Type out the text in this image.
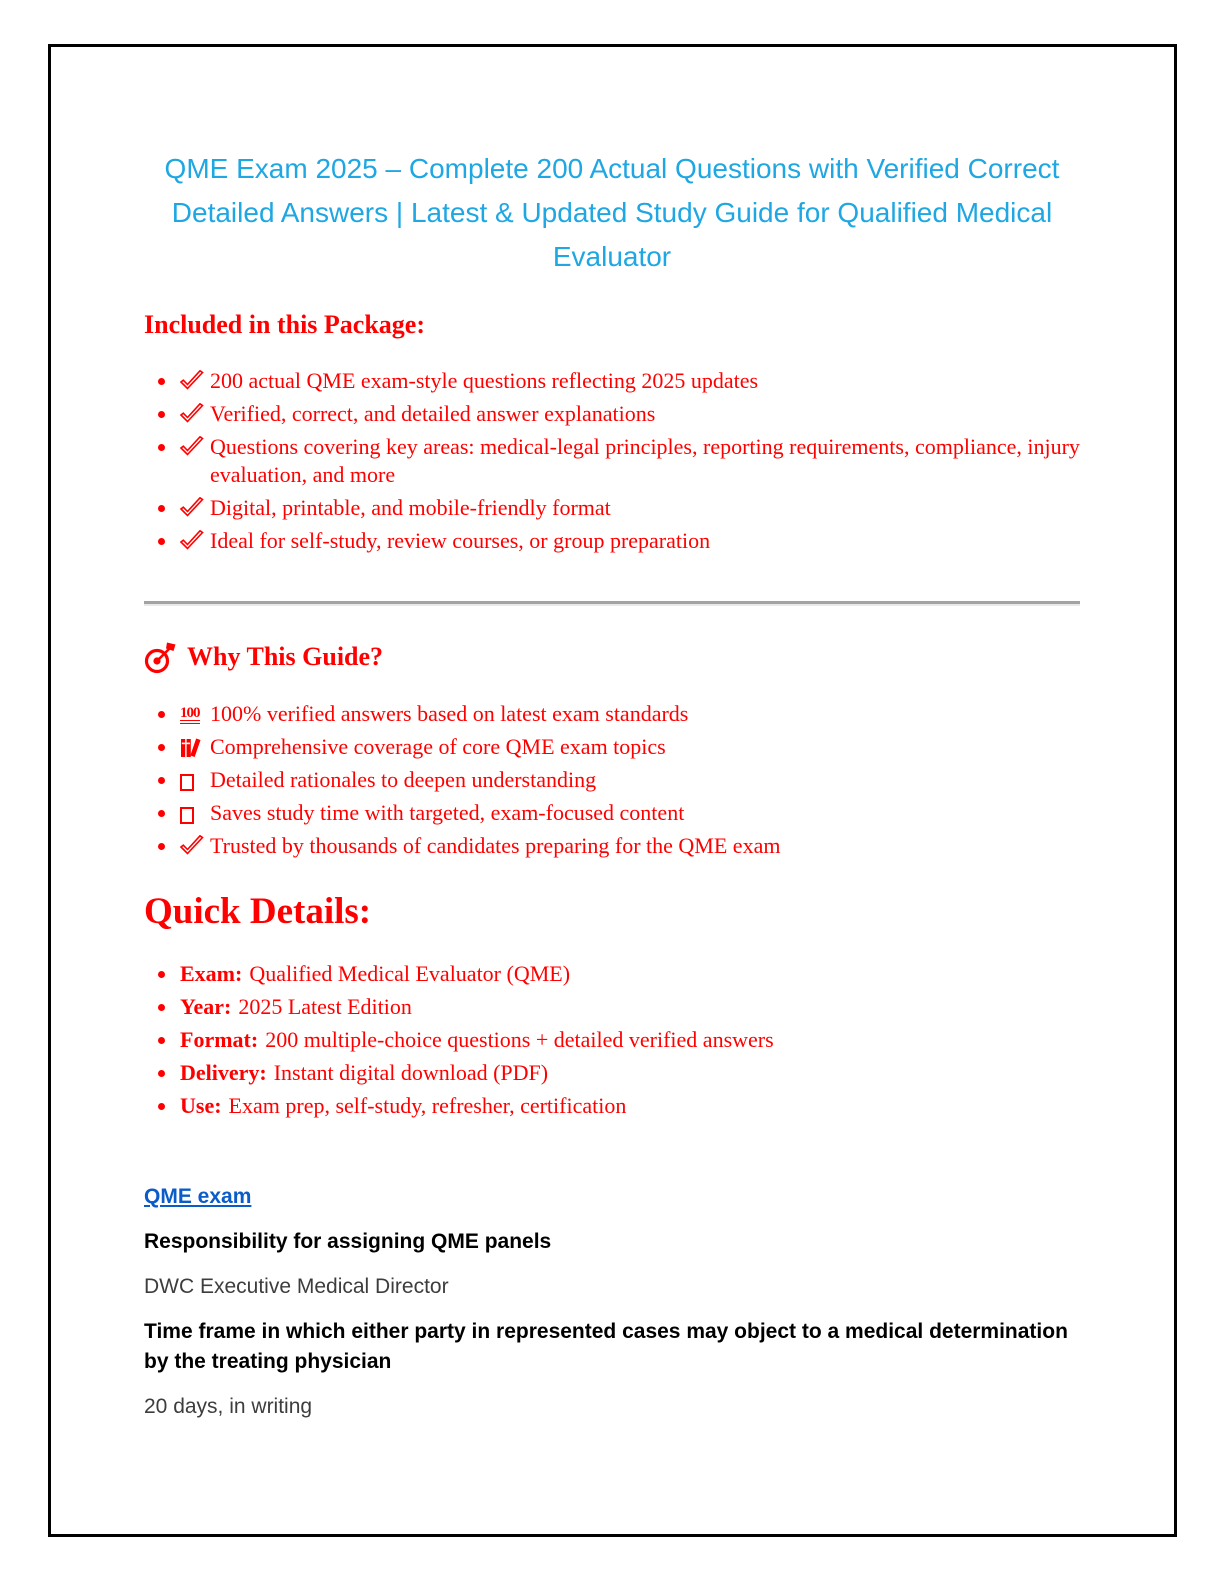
QME Exam 2025 – Complete 200 Actual Questions with Verified Correct Detailed Answers | Latest & Updated Study Guide for Qualified Medical Evaluator
Included in this Package:
200 actual QME exam-style questions reflecting 2025 updates
Verified, correct, and detailed answer explanations
Questions covering key areas: medical-legal principles, reporting requirements, compliance, injury evaluation, and more
Digital, printable, and mobile-friendly format
Ideal for self-study, review courses, or group preparation
Why This Guide?
100 100% verified answers based on latest exam standards
Comprehensive coverage of core QME exam topics
Detailed rationales to deepen understanding
Saves study time with targeted, exam-focused content
Trusted by thousands of candidates preparing for the QME exam
Quick Details:
Exam: Qualified Medical Evaluator (QME)
Year: 2025 Latest Edition
Format: 200 multiple-choice questions + detailed verified answers
Delivery: Instant digital download (PDF)
Use: Exam prep, self-study, refresher, certification

QME exam

Responsibility for assigning QME panels

DWC Executive Medical Director

Time frame in which either party in represented cases may object to a medical determination by the treating physician

20 days, in writing
